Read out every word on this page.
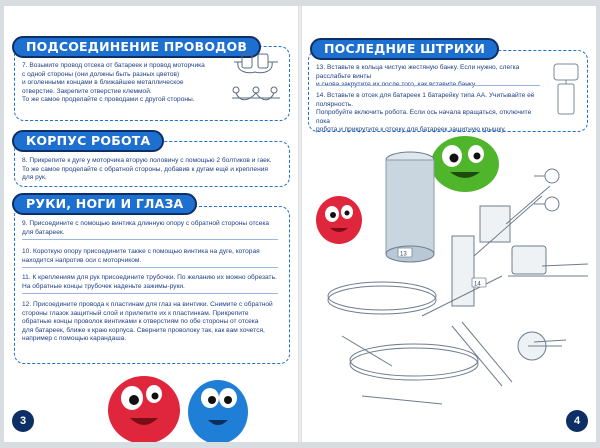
ПОДСОЕДИНЕНИЕ ПРОВОДОВ
7. Возьмите провод отсека от батареек и провод моторчика
с одной стороны (они должны быть разных цветов)
и оголенными концами в ближайшее металлическое
отверстие. Закрепите отверстие клеммой.
То же самое проделайте с проводами с другой стороны.
КОРПУС РОБОТА
8. Прикрепите к дуге у моторчика вторую половину с помощью 2 болтиков и гаек.
То же самое проделайте с обратной стороны, добавив к дугам ещё и крепления
для рук.
РУКИ, НОГИ И ГЛАЗА
9. Присоедините с помощью винтика длинную опору с обратной стороны отсека
для батареек.
10. Короткую опору присоедините также с помощью винтика на дуге, которая
находится напротив оси с моторчиком.
11. К креплениям для рук присоедините трубочки. По желанию их можно обрезать.
На обратные концы трубочек наденьте зажимы-руки.
12. Присоедините провода к пластинам для глаз на винтики. Снимите с обратной
стороны глазок защитный слой и прилепите их к пластинкам. Прикрепите
обратные концы проволок винтиками к отверстиям по обе стороны от отсека
для батареек, ближе к краю корпуса. Сверните проволоку так, как вам хочется,
например с помощью карандаша.
3
ПОСЛЕДНИЕ ШТРИХИ
13. Вставьте в кольца чистую жестяную банку. Если нужно, слегка расслабьте винты
и снова закрутите их после того, как вставите банку.
14. Вставьте в отсек для батареек 1 батарейку типа АА. Учитывайте её полярность.
Попробуйте включить робота. Если ось начала вращаться, отключите пока
робота и прикрутите к отсеку для батареек защитную крышку.
14
13
4
